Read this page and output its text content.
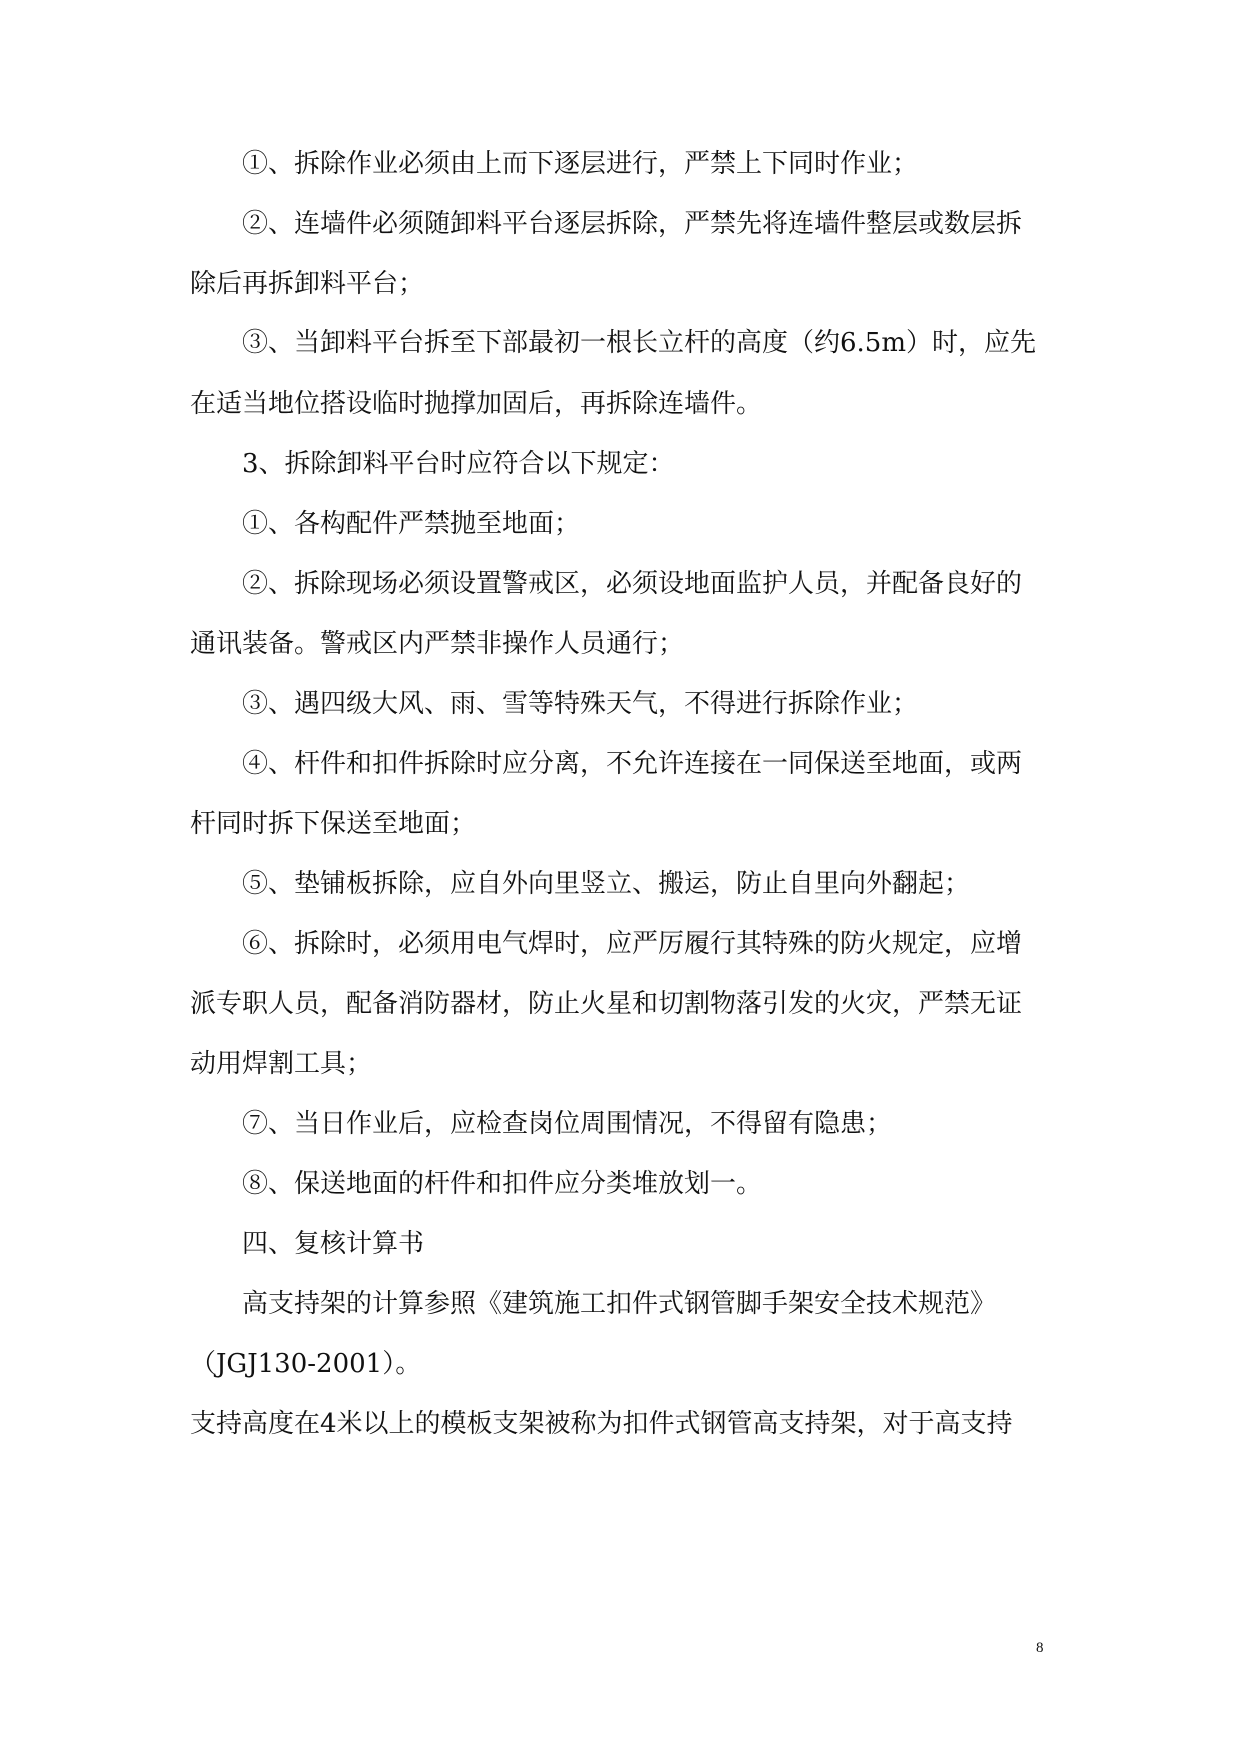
①、拆除作业必须由上而下逐层进行，严禁上下同时作业；
②、连墙件必须随卸料平台逐层拆除，严禁先将连墙件整层或数层拆
除后再拆卸料平台；
③、当卸料平台拆至下部最初一根长立杆的高度（约6.5m）时，应先
在适当地位搭设临时抛撑加固后，再拆除连墙件。
3、拆除卸料平台时应符合以下规定：
①、各构配件严禁抛至地面；
②、拆除现场必须设置警戒区，必须设地面监护人员，并配备良好的
通讯装备。警戒区内严禁非操作人员通行；
③、遇四级大风、雨、雪等特殊天气，不得进行拆除作业；
④、杆件和扣件拆除时应分离，不允许连接在一同保送至地面，或两
杆同时拆下保送至地面；
⑤、垫铺板拆除，应自外向里竖立、搬运，防止自里向外翻起；
⑥、拆除时，必须用电气焊时，应严厉履行其特殊的防火规定，应增
派专职人员，配备消防器材，防止火星和切割物落引发的火灾，严禁无证
动用焊割工具；
⑦、当日作业后，应检查岗位周围情况，不得留有隐患；
⑧、保送地面的杆件和扣件应分类堆放划一。
四、复核计算书
高支持架的计算参照《建筑施工扣件式钢管脚手架安全技术规范》
（JGJ130-2001）。
支持高度在4米以上的模板支架被称为扣件式钢管高支持架，对于高支持
8
